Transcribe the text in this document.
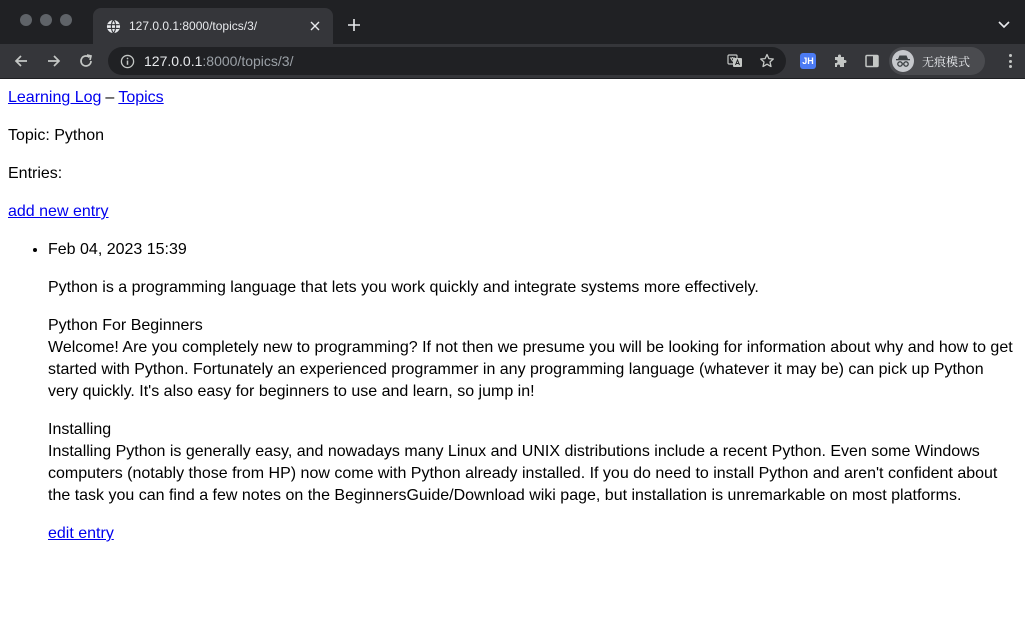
127.0.0.1:8000/topics/3/
127.0.0.1:8000/topics/3/	JH	无痕模式

Learning Log – Topics

Topic: Python

Entries:

add new entry

• Feb 04, 2023 15:39

Python is a programming language that lets you work quickly and integrate systems more effectively.

Python For Beginners
Welcome! Are you completely new to programming? If not then we presume you will be looking for information about why and how to get started with Python. Fortunately an experienced programmer in any programming language (whatever it may be) can pick up Python very quickly. It's also easy for beginners to use and learn, so jump in!

Installing
Installing Python is generally easy, and nowadays many Linux and UNIX distributions include a recent Python. Even some Windows computers (notably those from HP) now come with Python already installed. If you do need to install Python and aren't confident about the task you can find a few notes on the BeginnersGuide/Download wiki page, but installation is unremarkable on most platforms.

edit entry
